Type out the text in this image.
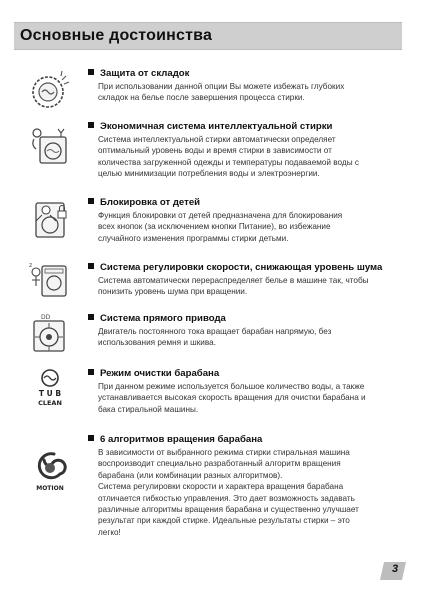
Основные достоинства
Защита от складок
При использовании данной опции Вы можете избежать глубоких
складок на белье после завершения процесса стирки.
Экономичная система интеллектуальной стирки
Система интеллектуальной стирки автоматически определяет
оптимальный уровень воды и время стирки в зависимости от
количества загруженной одежды и температуры подаваемой воды с
целью минимизации потребления воды и электроэнергии.
Блокировка от детей
Функция блокировки от детей предназначена для блокирования
всех кнопок (за исключением кнопки Питание), во избежание
случайного изменения программы стирки детьми.
z	Система регулировки скорости, снижающая уровень шума
Система автоматически перераспределяет белье в машине так, чтобы
понизить уровень шума при вращении.
DD	Система прямого привода
Двигатель постоянного тока вращает барабан напрямую, без
использования ремня и шкива.
T U B
CLEAN
Режим очистки барабана
При данном режиме используется большое количество воды, а также
устанавливается высокая скорость вращения для очистки барабана и
бака стиральной машины.
MOTION
6 алгоритмов вращения барабана
В зависимости от выбранного режима стирки стиральная машина
воспроизводит специально разработанный алгоритм вращения
барабана (или комбинации разных алгоритмов).
Система регулировки скорости и характера вращения барабана
отличается гибкостью управления. Это дает возможность задавать
различные алгоритмы вращения барабана и существенно улучшает
результат при каждой стирке. Идеальные результаты стирки – это
легко!
3
